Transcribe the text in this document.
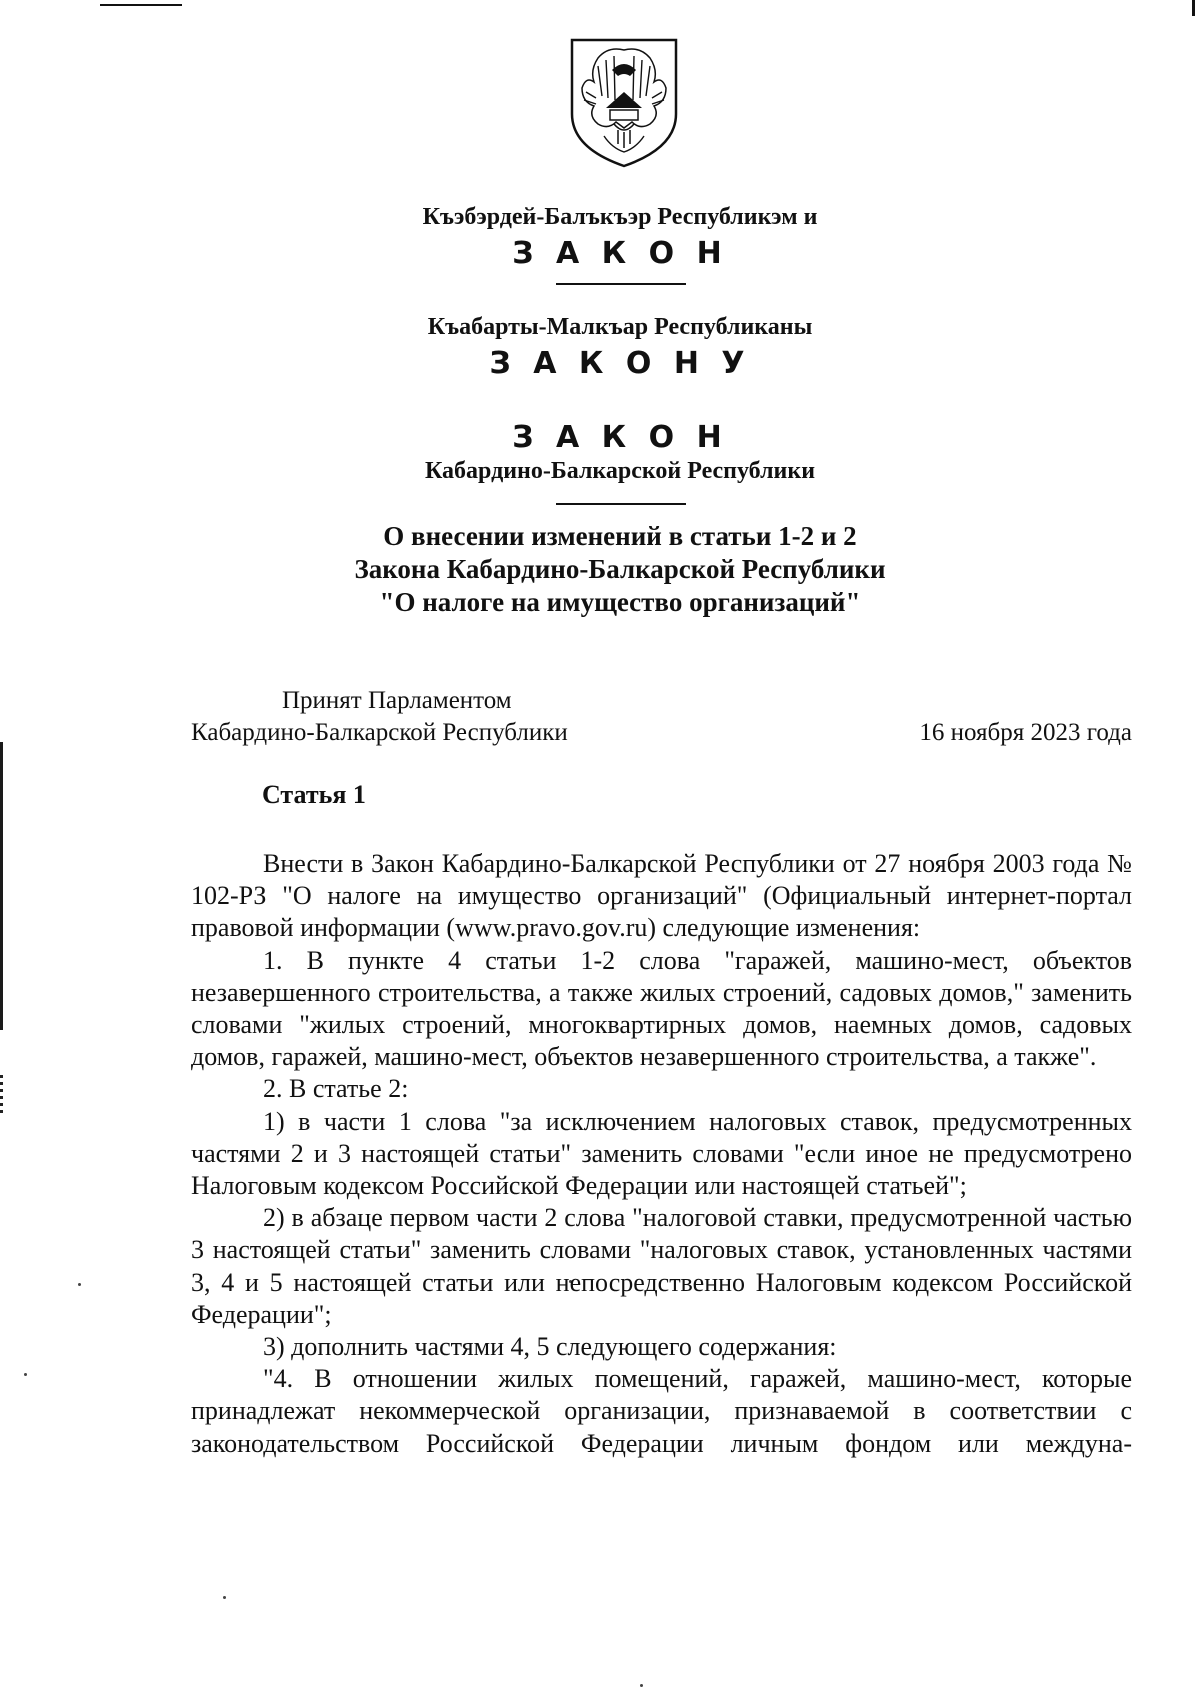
Къэбэрдей-Балъкъэр Республикэм и
З А К О Н
Къабарты-Малкъар Республиканы
З А К О Н У
З А К О Н
Кабардино-Балкарской Республики
О внесении изменений в статьи 1-2 и 2
Закона Кабардино-Балкарской Республики
"О налоге на имущество организаций"
Принят Парламентом
Кабардино-Балкарской Республики	16 ноября 2023 года
Статья 1

Внести в Закон Кабардино-Балкарской Республики от 27 ноября 2003 года № 102-РЗ "О налоге на имущество организаций" (Официальный интернет-портал правовой информации (www.pravo.gov.ru) следующие изменения:

1. В пункте 4 статьи 1-2 слова "гаражей, машино-мест, объектов незавершенного строительства, а также жилых строений, садовых домов," заменить словами "жилых строений, многоквартирных домов, наемных домов, садовых домов, гаражей, машино-мест, объектов незавершенного строительства, а также".

2. В статье 2:

1) в части 1 слова "за исключением налоговых ставок, предусмотренных частями 2 и 3 настоящей статьи" заменить словами "если иное не предусмотрено Налоговым кодексом Российской Федерации или настоящей статьей";

2) в абзаце первом части 2 слова "налоговой ставки, предусмотренной частью 3 настоящей статьи" заменить словами "налоговых ставок, установленных частями 3, 4 и 5 настоящей статьи или непосредственно Налоговым кодексом Российской Федерации";

3) дополнить частями 4, 5 следующего содержания:

"4. В отношении жилых помещений, гаражей, машино-мест, которые принадлежат некоммерческой организации, признаваемой в соответствии с законодательством Российской Федерации личным фондом или междуна-
